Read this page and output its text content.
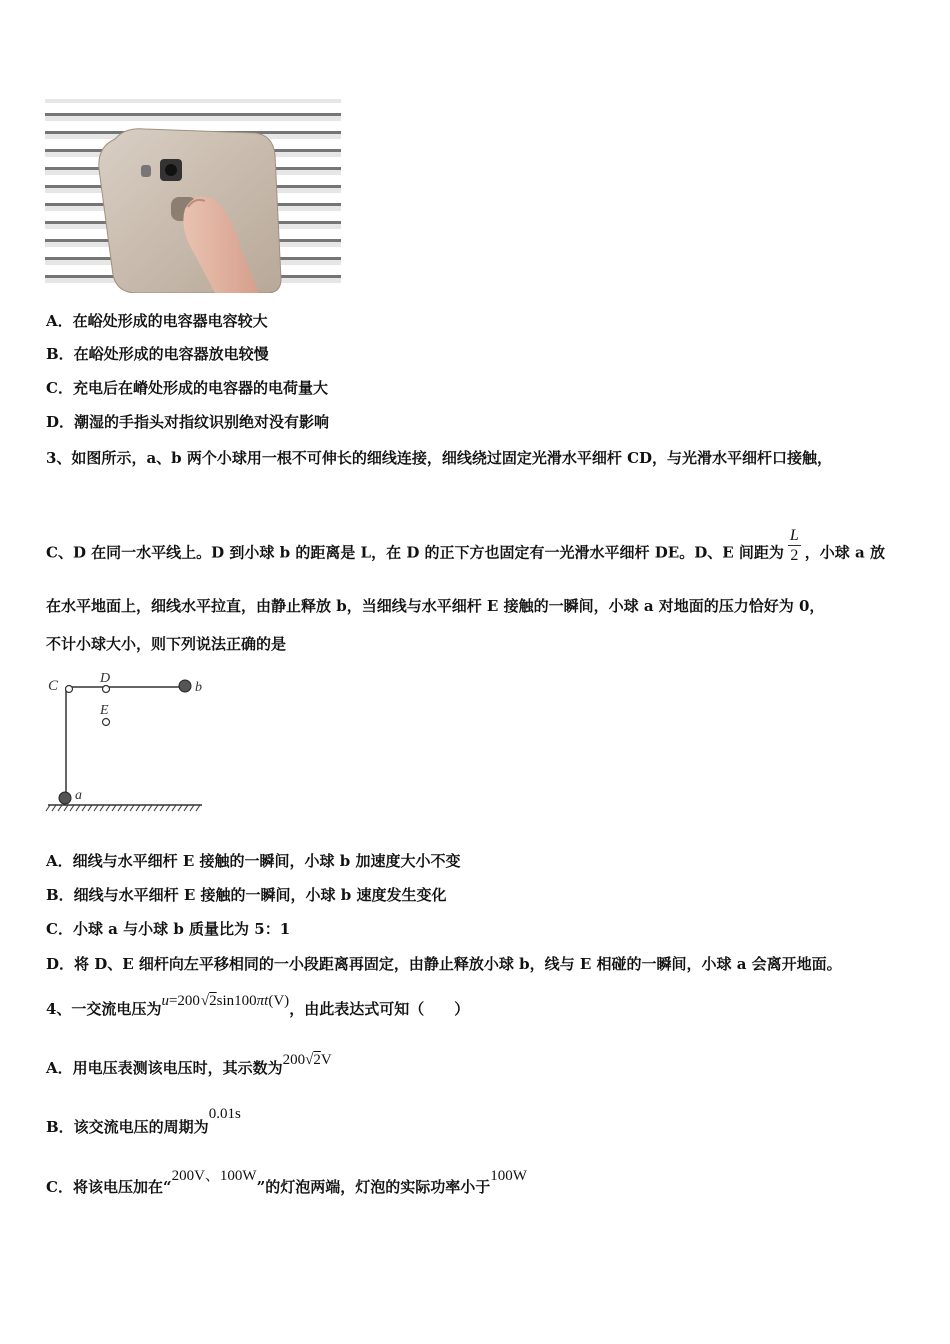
A．在峪处形成的电容器电容较大
B．在峪处形成的电容器放电较慢
C．充电后在嵴处形成的电容器的电荷量大
D．潮湿的手指头对指纹识别绝对没有影响
3、如图所示，a、b 两个小球用一根不可伸长的细线连接，细线绕过固定光滑水平细杆 CD，与光滑水平细杆口接触，
C、D 在同一水平线上。D 到小球 b 的距离是 L，在 D 的正下方也固定有一光滑水平细杆 DE。D、E 间距为 $\frac{L}{2}$ ，小球 a 放
在水平地面上，细线水平拉直，由静止释放 b，当细线与水平细杆 E 接触的一瞬间，小球 a 对地面的压力恰好为 0，
不计小球大小，则下列说法正确的是
C	D
E
b
a
A．细线与水平细杆 E 接触的一瞬间，小球 b 加速度大小不变
B．细线与水平细杆 E 接触的一瞬间，小球 b 速度发生变化
C．小球 a 与小球 b 质量比为 5：1
D．将 D、E 细杆向左平移相同的一小段距离再固定，由静止释放小球 b，线与 E 相碰的一瞬间，小球 a 会离开地面。
4、一交流电压为u=200√2sin100πt(V)，由此表达式可知（　　）
A．用电压表测该电压时，其示数为200√2V
B．该交流电压的周期为0.01s
C．将该电压加在“200V、100W”的灯泡两端，灯泡的实际功率小于100W
